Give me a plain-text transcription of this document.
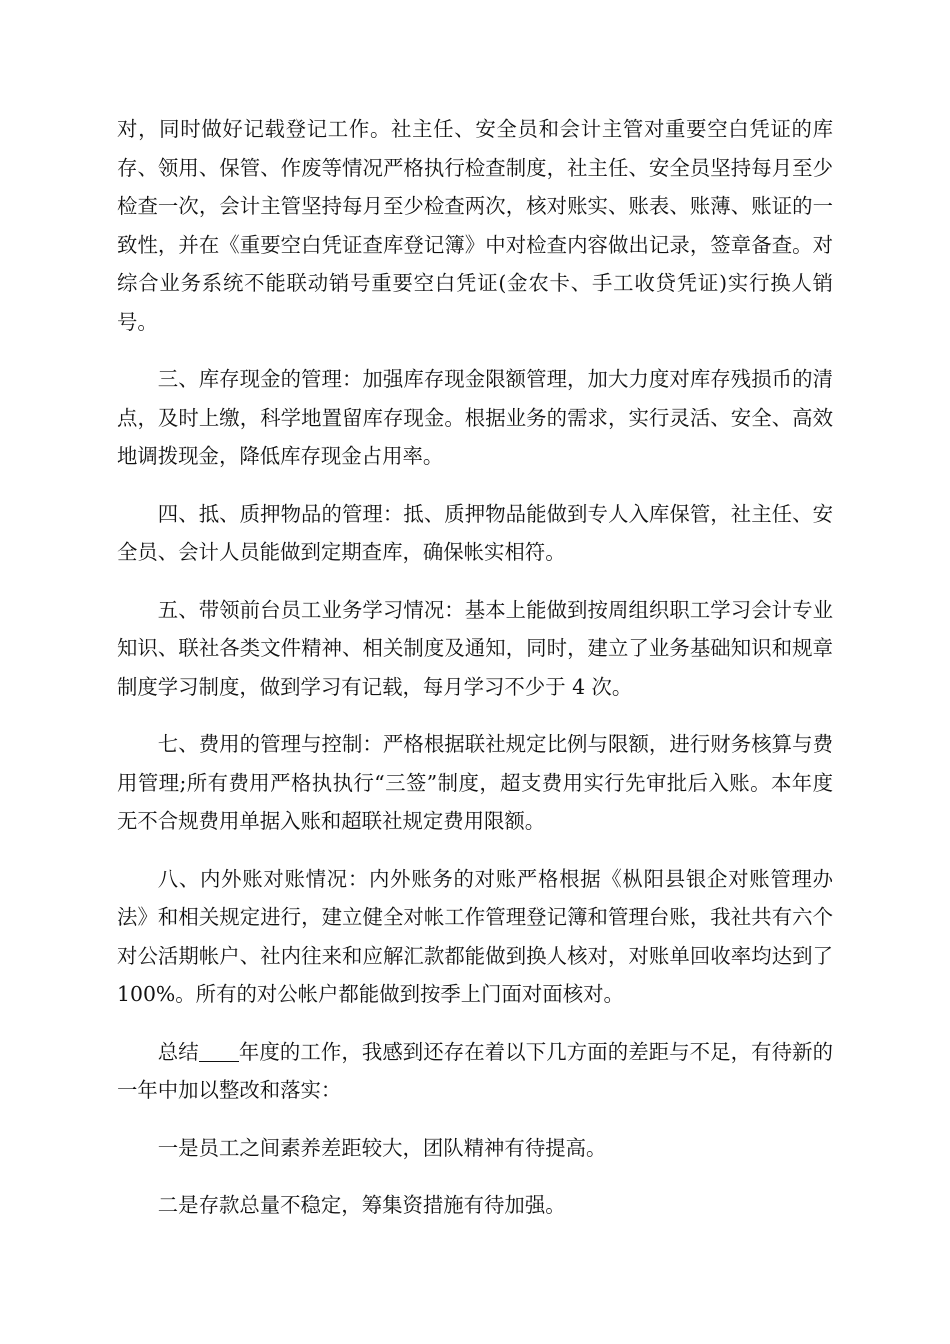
对，同时做好记载登记工作。社主任、安全员和会计主管对重要空白凭证的库存、领用、保管、作废等情况严格执行检查制度，社主任、安全员坚持每月至少检查一次，会计主管坚持每月至少检查两次，核对账实、账表、账薄、账证的一致性，并在《重要空白凭证查库登记簿》中对检查内容做出记录，签章备查。对综合业务系统不能联动销号重要空白凭证(金农卡、手工收贷凭证)实行换人销号。

三、库存现金的管理：加强库存现金限额管理，加大力度对库存残损币的清点，及时上缴，科学地置留库存现金。根据业务的需求，实行灵活、安全、高效地调拨现金，降低库存现金占用率。

四、抵、质押物品的管理：抵、质押物品能做到专人入库保管，社主任、安全员、会计人员能做到定期查库，确保帐实相符。

五、带领前台员工业务学习情况：基本上能做到按周组织职工学习会计专业知识、联社各类文件精神、相关制度及通知，同时，建立了业务基础知识和规章制度学习制度，做到学习有记载，每月学习不少于 4 次。

七、费用的管理与控制：严格根据联社规定比例与限额，进行财务核算与费用管理;所有费用严格执执行“三签”制度，超支费用实行先审批后入账。本年度无不合规费用单据入账和超联社规定费用限额。

八、内外账对账情况：内外账务的对账严格根据《枞阳县银企对账管理办法》和相关规定进行，建立健全对帐工作管理登记簿和管理台账，我社共有六个对公活期帐户、社内往来和应解汇款都能做到换人核对，对账单回收率均达到了 100%。所有的对公帐户都能做到按季上门面对面核对。

总结 年度的工作，我感到还存在着以下几方面的差距与不足，有待新的一年中加以整改和落实：

一是员工之间素养差距较大，团队精神有待提高。

二是存款总量不稳定，筹集资措施有待加强。
